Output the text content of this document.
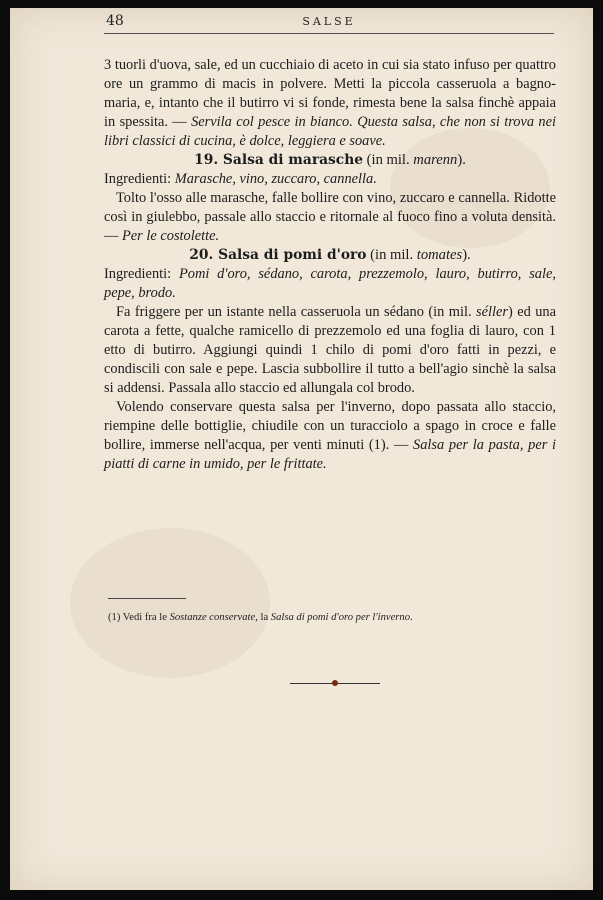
48	SALSE

3 tuorli d'uova, sale, ed un cucchiaio di aceto in cui sia stato infuso per quattro ore un grammo di macis in polvere. Metti la piccola casseruola a bagno-maria, e, intanto che il butirro vi si fonde, rimesta bene la salsa finchè appaia in spessita. — Servila col pesce in bianco. Questa salsa, che non si trova nei libri classici di cucina, è dolce, leggiera e soave.

19. Salsa di marasche (in mil. marenn).

Ingredienti: Marasche, vino, zuccaro, cannella.

Tolto l'osso alle marasche, falle bollire con vino, zuccaro e cannella. Ridotte così in giulebbo, passale allo staccio e ritornale al fuoco fino a voluta densità. — Per le costolette.

20. Salsa di pomi d'oro (in mil. tomates).

Ingredienti: Pomi d'oro, sédano, carota, prezzemolo, lauro, butirro, sale, pepe, brodo.

Fa friggere per un istante nella casseruola un sédano (in mil. séller) ed una carota a fette, qualche ramicello di prezzemolo ed una foglia di lauro, con 1 etto di butirro. Aggiungi quindi 1 chilo di pomi d'oro fatti in pezzi, e condiscili con sale e pepe. Lascia subbollire il tutto a bell'agio sinchè la salsa si addensi. Passala allo staccio ed allungala col brodo.

Volendo conservare questa salsa per l'inverno, dopo passata allo staccio, riempine delle bottiglie, chiudile con un turacciolo a spago in croce e falle bollire, immerse nell'acqua, per venti minuti (1). — Salsa per la pasta, per i piatti di carne in umido, per le frittate.

(1) Vedi fra le Sostanze conservate, la Salsa di pomi d'oro per l'inverno.
